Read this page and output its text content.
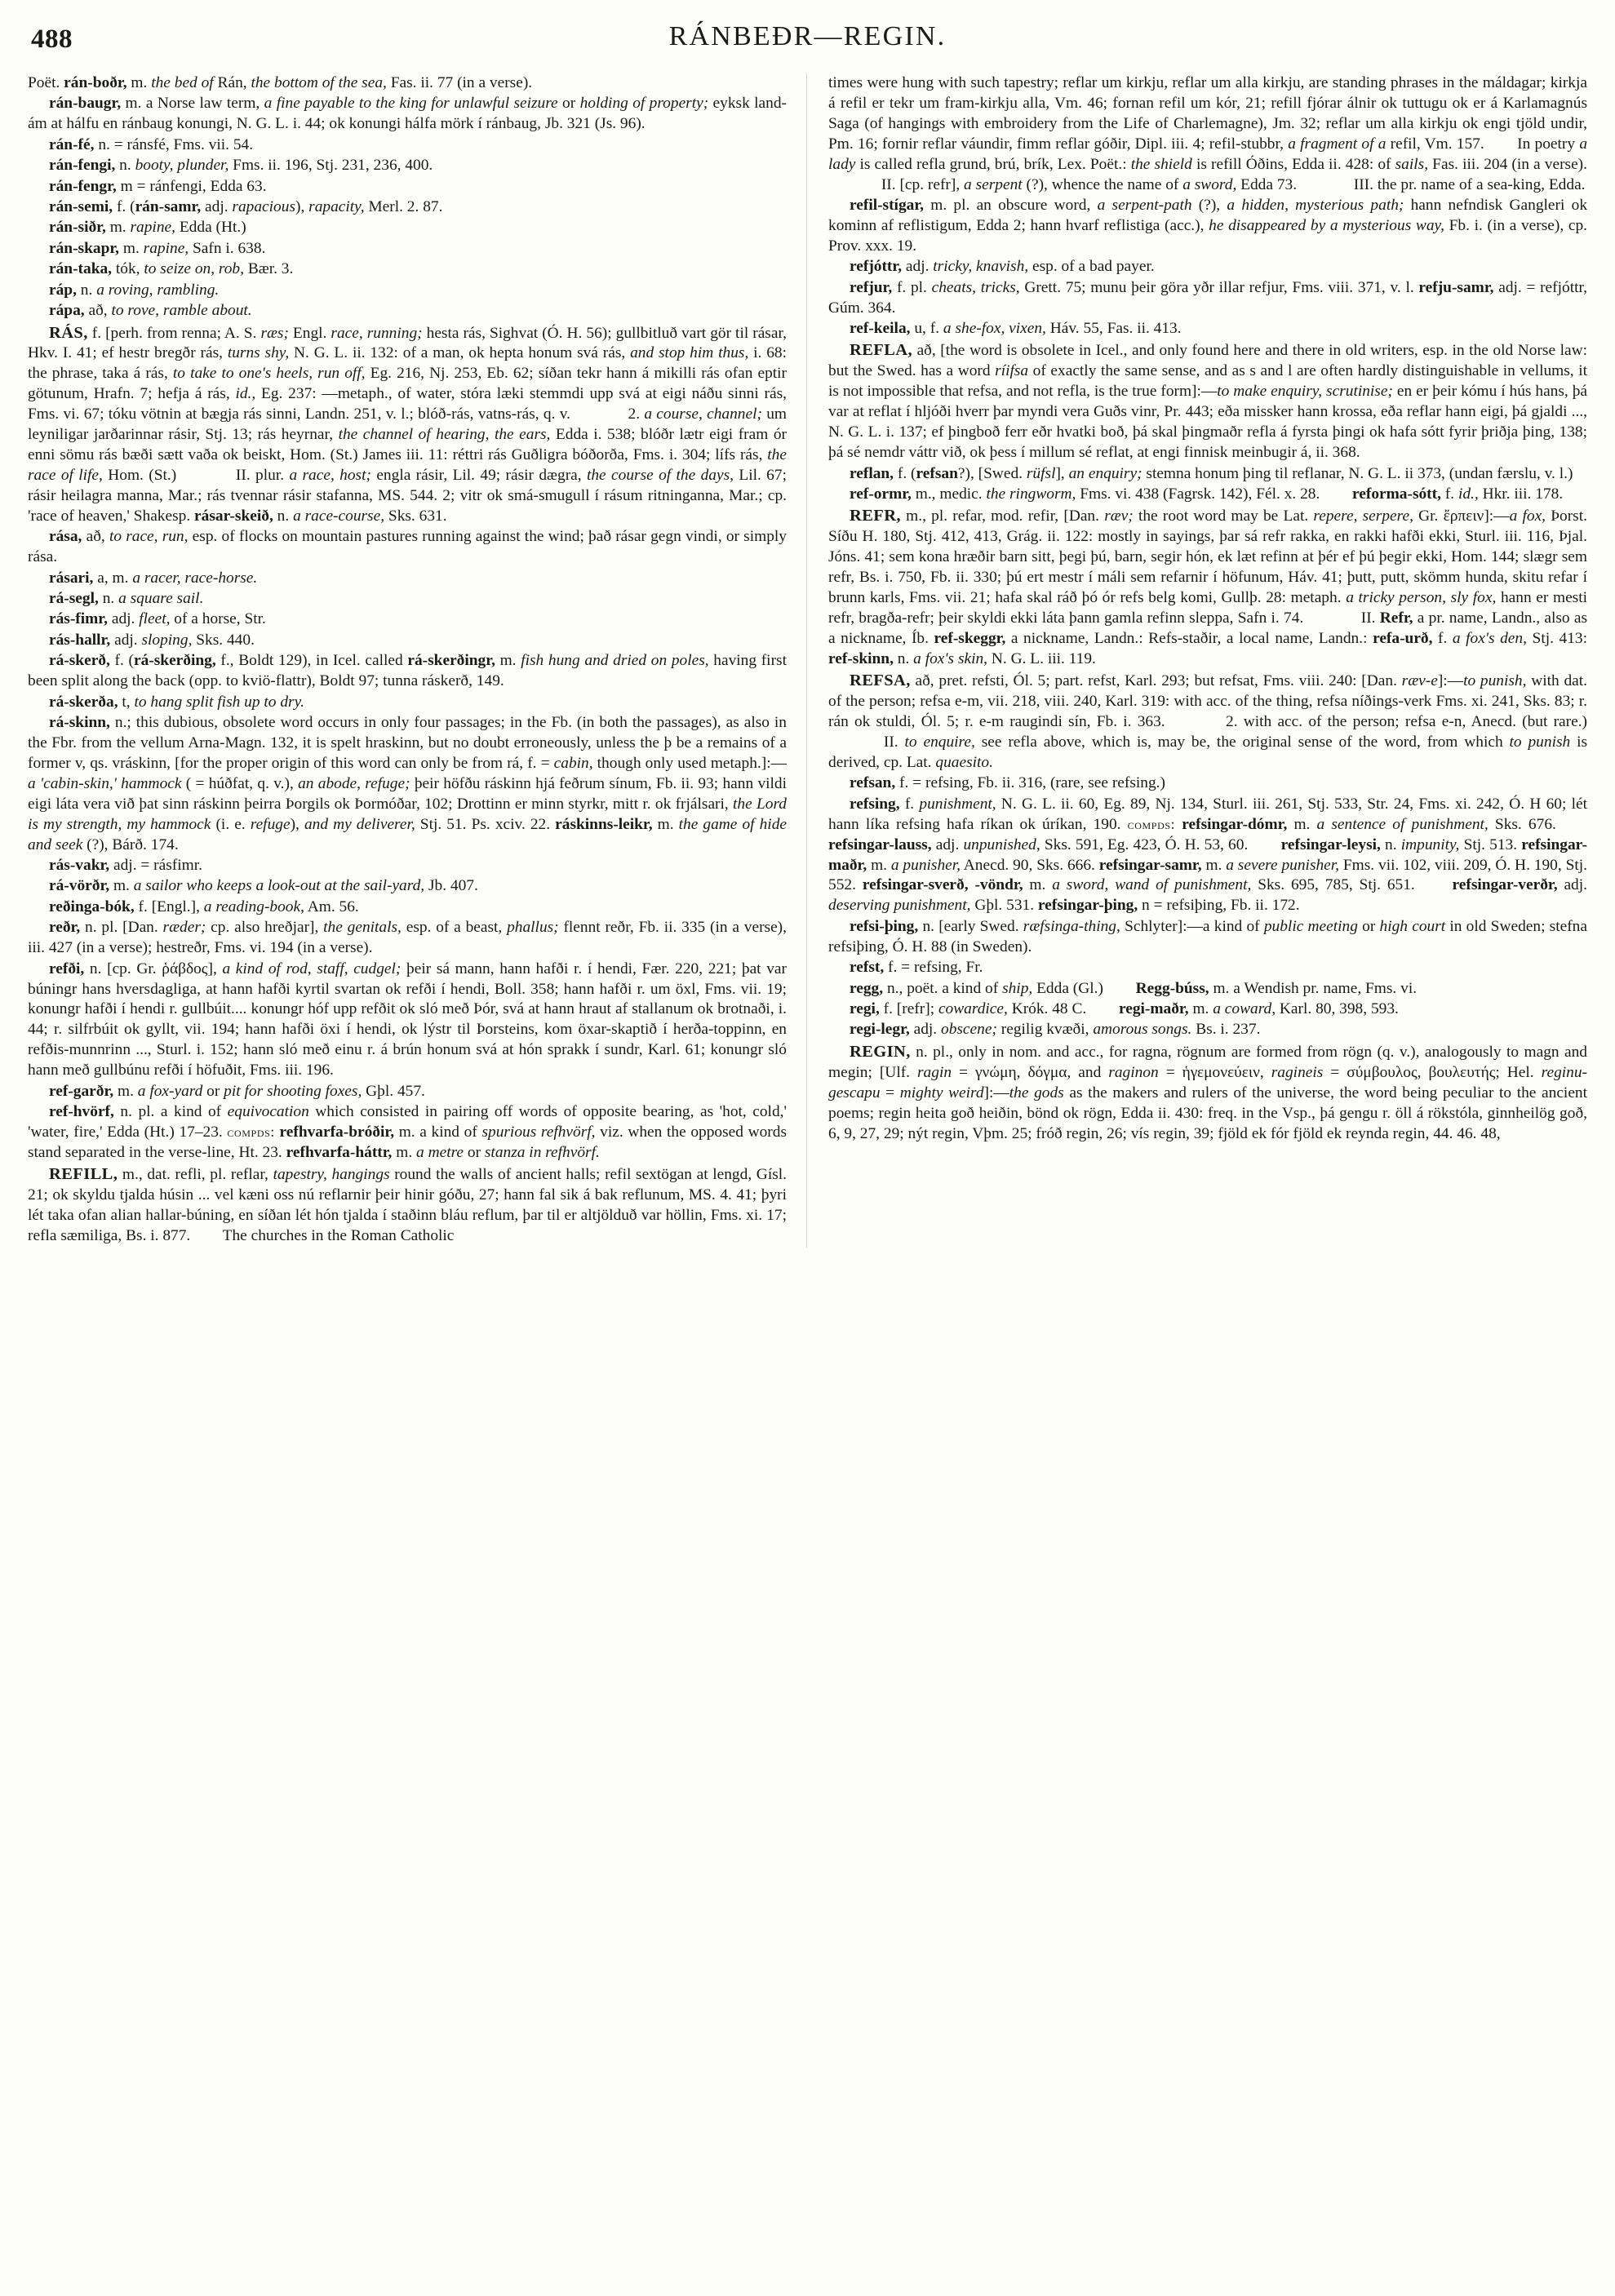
488	RÁNBEÐR—REGIN.

Poët. rán-boðr, m. the bed of Rán, the bottom of the sea, Fas. ii. 77 (in a verse).

rán-baugr, m. a Norse law term, a fine payable to the king for unlawful seizure or holding of property; eyksk land-ám at hálfu en ránbaug konungi, N. G. L. i. 44; ok konungi hálfa mörk í ránbaug, Jb. 321 (Js. 96).

rán-fé, n. = ránsfé, Fms. vii. 54.

rán-fengi, n. booty, plunder, Fms. ii. 196, Stj. 231, 236, 400.

rán-fengr, m = ránfengi, Edda 63.

rán-semi, f. (rán-samr, adj. rapacious), rapacity, Merl. 2. 87.

rán-siðr, m. rapine, Edda (Ht.)

rán-skapr, m. rapine, Safn i. 638.

rán-taka, tók, to seize on, rob, Bær. 3.

ráp, n. a roving, rambling.

rápa, að, to rove, ramble about.

RÁS, f. [perh. from renna; A. S. ræs; Engl. race, running; hesta rás, Sighvat (Ó. H. 56); gullbitluð vart gör til rásar, Hkv. I. 41; ef hestr bregðr rás, turns shy, N. G. L. ii. 132: of a man, ok hepta honum svá rás, and stop him thus, i. 68: the phrase, taka á rás, to take to one's heels, run off, Eg. 216, Nj. 253, Eb. 62; síðan tekr hann á mikilli rás ofan eptir götunum, Hrafn. 7; hefja á rás, id., Eg. 237: —metaph., of water, stóra læki stemmdi upp svá at eigi náðu sinni rás, Fms. vi. 67; tóku vötnin at bægja rás sinni, Landn. 251, v. l.; blóð-rás, vatns-rás, q. v.	2. a course, channel; um leyniligar jarðarinnar rásir, Stj. 13; rás heyrnar, the channel of hearing, the ears, Edda i. 538; blóðr lætr eigi fram ór enni sömu rás bæði sætt vaða ok beiskt, Hom. (St.) James iii. 11: réttri rás Guðligra bóðorða, Fms. i. 304; lífs rás, the race of life, Hom. (St.)	II. plur. a race, host; engla rásir, Lil. 49; rásir dægra, the course of the days, Lil. 67; rásir heilagra manna, Mar.; rás tvennar rásir stafanna, MS. 544. 2; vitr ok smá-smugull í rásum ritninganna, Mar.; cp. 'race of heaven,' Shakesp. rásar-skeið, n. a race-course, Sks. 631.

rása, að, to race, run, esp. of flocks on mountain pastures running against the wind; það rásar gegn vindi, or simply rása.

rásari, a, m. a racer, race-horse.

rá-segl, n. a square sail.

rás-fimr, adj. fleet, of a horse, Str.

rás-hallr, adj. sloping, Sks. 440.

rá-skerð, f. (rá-skerðing, f., Boldt 129), in Icel. called rá-skerðingr, m. fish hung and dried on poles, having first been split along the back (opp. to kviö-flattr), Boldt 97; tunna ráskerð, 149.

rá-skerða, t, to hang split fish up to dry.

rá-skinn, n.; this dubious, obsolete word occurs in only four passages; in the Fb. (in both the passages), as also in the Fbr. from the vellum Arna-Magn. 132, it is spelt hraskinn, but no doubt erroneously, unless the þ be a remains of a former v, qs. vráskinn, [for the proper origin of this word can only be from rá, f. = cabin, though only used metaph.]:—a 'cabin-skin,' hammock ( = húðfat, q. v.), an abode, refuge; þeir höfðu ráskinn hjá feðrum sínum, Fb. ii. 93; hann vildi eigi láta vera við þat sinn ráskinn þeirra Þorgils ok Þormóðar, 102; Drottinn er minn styrkr, mitt r. ok frjálsari, the Lord is my strength, my hammock (i. e. refuge), and my deliverer, Stj. 51. Ps. xciv. 22. ráskinns-leikr, m. the game of hide and seek (?), Bárð. 174.

rás-vakr, adj. = rásfimr.

rá-vörðr, m. a sailor who keeps a look-out at the sail-yard, Jb. 407.

reðinga-bók, f. [Engl.], a reading-book, Am. 56.

reðr, n. pl. [Dan. ræder; cp. also hreðjar], the genitals, esp. of a beast, phallus; flennt reðr, Fb. ii. 335 (in a verse), iii. 427 (in a verse); hestreðr, Fms. vi. 194 (in a verse).

refði, n. [cp. Gr. ῥάβδος], a kind of rod, staff, cudgel; þeir sá mann, hann hafði r. í hendi, Fær. 220, 221; þat var búningr hans hversdagliga, at hann hafði kyrtil svartan ok refði í hendi, Boll. 358; hann hafði r. um öxl, Fms. vii. 19; konungr hafði í hendi r. gullbúit.... konungr hóf upp refðit ok sló með Þór, svá at hann hraut af stallanum ok brotnaði, i. 44; r. silfrbúit ok gyllt, vii. 194; hann hafði öxi í hendi, ok lýstr til Þorsteins, kom öxar-skaptið í herða-toppinn, en refðis-munnrinn ..., Sturl. i. 152; hann sló með einu r. á brún honum svá at hón sprakk í sundr, Karl. 61; konungr sló hann með gullbúnu refði í höfuðit, Fms. iii. 196.

ref-garðr, m. a fox-yard or pit for shooting foxes, Gþl. 457.

ref-hvörf, n. pl. a kind of equivocation which consisted in pairing off words of opposite bearing, as 'hot, cold,' 'water, fire,' Edda (Ht.) 17–23. compds: refhvarfa-bróðir, m. a kind of spurious refhvörf, viz. when the opposed words stand separated in the verse-line, Ht. 23. refhvarfa-háttr, m. a metre or stanza in refhvörf.

REFILL, m., dat. refli, pl. reflar, tapestry, hangings round the walls of ancient halls; refil sextögan at lengd, Gísl. 21; ok skyldu tjalda húsin ... vel kæni oss nú reflarnir þeir hinir góðu, 27; hann fal sik á bak reflunum, MS. 4. 41; þyri lét taka ofan alian hallar-búning, en síðan lét hón tjalda í staðinn bláu reflum, þar til er altjölduð var höllin, Fms. xi. 17; refla sæmiliga, Bs. i. 877.  The churches in the Roman Catholic

times were hung with such tapestry; reflar um kirkju, reflar um alla kirkju, are standing phrases in the máldagar; kirkja á refil er tekr um fram-kirkju alla, Vm. 46; fornan refil um kór, 21; refill fjórar álnir ok tuttugu ok er á Karlamagnús Saga (of hangings with embroidery from the Life of Charlemagne), Jm. 32; reflar um alla kirkju ok engi tjöld undir, Pm. 16; fornir reflar váundir, fimm reflar góðir, Dipl. iii. 4; refil-stubbr, a fragment of a refil, Vm. 157.  In poetry a lady is called refla grund, brú, brík, Lex. Poët.: the shield is refill Óðins, Edda ii. 428: of sails, Fas. iii. 204 (in a verse).  II. [cp. refr], a serpent (?), whence the name of a sword, Edda 73.	III. the pr. name of a sea-king, Edda.

refil-stígar, m. pl. an obscure word, a serpent-path (?), a hidden, mysterious path; hann nefndisk Gangleri ok kominn af reflistigum, Edda 2; hann hvarf reflistiga (acc.), he disappeared by a mysterious way, Fb. i. (in a verse), cp. Prov. xxx. 19.

refjóttr, adj. tricky, knavish, esp. of a bad payer.

refjur, f. pl. cheats, tricks, Grett. 75; munu þeir göra yðr illar refjur, Fms. viii. 371, v. l. refju-samr, adj. = refjóttr, Gúm. 364.

ref-keila, u, f. a she-fox, vixen, Háv. 55, Fas. ii. 413.

REFLA, að, [the word is obsolete in Icel., and only found here and there in old writers, esp. in the old Norse law: but the Swed. has a word ríifsa of exactly the same sense, and as s and l are often hardly distinguishable in vellums, it is not impossible that refsa, and not refla, is the true form]:—to make enquiry, scrutinise; en er þeir kómu í hús hans, þá var at reflat í hljóði hverr þar myndi vera Guðs vinr, Pr. 443; eða missker hann krossa, eða reflar hann eigi, þá gjaldi ..., N. G. L. i. 137; ef þingboð ferr eðr hvatki boð, þá skal þingmaðr refla á fyrsta þingi ok hafa sótt fyrir þriðja þing, 138; þá sé nemdr váttr við, ok þess í millum sé reflat, at engi finnisk meinbugir á, ii. 368.

reflan, f. (refsan?), [Swed. rüfsl], an enquiry; stemna honum þing til reflanar, N. G. L. ii 373, (undan færslu, v. l.)

ref-ormr, m., medic. the ringworm, Fms. vi. 438 (Fagrsk. 142), Fél. x. 28.  reforma-sótt, f. id., Hkr. iii. 178.

REFR, m., pl. refar, mod. refir, [Dan. ræv; the root word may be Lat. repere, serpere, Gr. ἕρπειν]:—a fox, Þorst. Síðu H. 180, Stj. 412, 413, Grág. ii. 122: mostly in sayings, þar sá refr rakka, en rakki hafði ekki, Sturl. iii. 116, Þjal. Jóns. 41; sem kona hræðir barn sitt, þegi þú, barn, segir hón, ek læt refinn at þér ef þú þegir ekki, Hom. 144; slægr sem refr, Bs. i. 750, Fb. ii. 330; þú ert mestr í máli sem refarnir í höfunum, Háv. 41; þutt, putt, skömm hunda, skitu refar í brunn karls, Fms. vii. 21; hafa skal ráð þó ór refs belg komi, Gullþ. 28: metaph. a tricky person, sly fox, hann er mesti refr, bragða-refr; þeir skyldi ekki láta þann gamla refinn sleppa, Safn i. 74.	II. Refr, a pr. name, Landn., also as a nickname, Íb. ref-skeggr, a nickname, Landn.: Refs-staðir, a local name, Landn.: refa-urð, f. a fox's den, Stj. 413: ref-skinn, n. a fox's skin, N. G. L. iii. 119.

REFSA, að, pret. refsti, Ól. 5; part. refst, Karl. 293; but refsat, Fms. viii. 240: [Dan. ræv-e]:—to punish, with dat. of the person; refsa e-m, vii. 218, viii. 240, Karl. 319: with acc. of the thing, refsa níðings-verk Fms. xi. 241, Sks. 83; r. rán ok stuldi, Ól. 5; r. e-m raugindi sín, Fb. i. 363.	2. with acc. of the person; refsa e-n, Anecd. (but rare.)  II. to enquire, see refla above, which is, may be, the original sense of the word, from which to punish is derived, cp. Lat. quaesito.

refsan, f. = refsing, Fb. ii. 316, (rare, see refsing.)

refsing, f. punishment, N. G. L. ii. 60, Eg. 89, Nj. 134, Sturl. iii. 261, Stj. 533, Str. 24, Fms. xi. 242, Ó. H 60; lét hann líka refsing hafa ríkan ok úríkan, 190. compds: refsingar-dómr, m. a sentence of punishment, Sks. 676.  refsingar-lauss, adj. unpunished, Sks. 591, Eg. 423, Ó. H. 53, 60.  refsingar-leysi, n. impunity, Stj. 513. refsingar-maðr, m. a punisher, Anecd. 90, Sks. 666. refsingar-samr, m. a severe punisher, Fms. vii. 102, viii. 209, Ó. H. 190, Stj. 552. refsingar-sverð, -vöndr, m. a sword, wand of punishment, Sks. 695, 785, Stj. 651.  refsingar-verðr, adj. deserving punishment, Gþl. 531. refsingar-þing, n = refsiþing, Fb. ii. 172.

refsi-þing, n. [early Swed. ræfsinga-thing, Schlyter]:—a kind of public meeting or high court in old Sweden; stefna refsiþing, Ó. H. 88 (in Sweden).

refst, f. = refsing, Fr.

regg, n., poët. a kind of ship, Edda (Gl.)  Regg-búss, m. a Wendish pr. name, Fms. vi.

regi, f. [refr]; cowardice, Krók. 48 C.  regi-maðr, m. a coward, Karl. 80, 398, 593.

regi-legr, adj. obscene; regilig kvæði, amorous songs. Bs. i. 237.

REGIN, n. pl., only in nom. and acc., for ragna, rögnum are formed from rögn (q. v.), analogously to magn and megin; [Ulf. ragin = γνώμη, δόγμα, and raginon = ἡγεμονεύειν, ragineis = σύμβουλος, βουλευτής; Hel. reginu-gescapu = mighty weird]:—the gods as the makers and rulers of the universe, the word being peculiar to the ancient poems; regin heita goð heiðin, bönd ok rögn, Edda ii. 430: freq. in the Vsp., þá gengu r. öll á rökstóla, ginnheilög goð, 6, 9, 27, 29; nýt regin, Vþm. 25; fróð regin, 26; vís regin, 39; fjöld ek fór fjöld ek reynda regin, 44. 46. 48,
